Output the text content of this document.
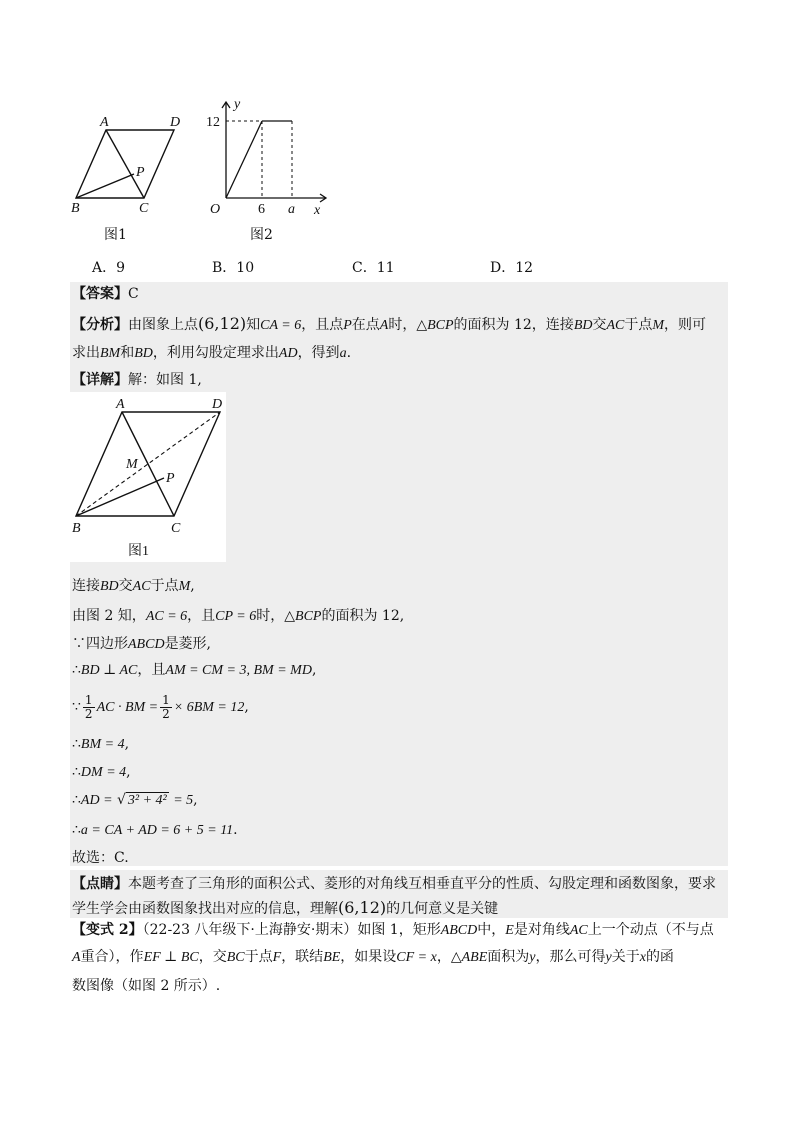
A	D
B	C
P
图1
y
12
O	6 a x
图2
A．9	B．10	C．11	D．12
【答案】C
【分析】由图象上点(6,12)知CA = 6，且点P在点A时，△BCP的面积为 12，连接BD交AC于点M，则可
求出BM和BD，利用勾股定理求出AD，得到a.
【详解】解：如图 1,
A	D
B	C
P
M
图1
连接BD交AC于点M,
由图 2 知，AC = 6，且CP = 6时，△BCP的面积为 12,
∵四边形ABCD是菱形,
∴BD ⊥ AC，且AM = CM = 3, BM = MD,
∵ $\frac{1}{2}$ AC · BM = $\frac{1}{2} \times 6BM = 12$,
∴BM = 4,
∴DM = 4,
∴AD = √ 3² + 4² = 5,
∴a = CA + AD = 6 + 5 = 11.
故选：C.
【点睛】本题考查了三角形的面积公式、菱形的对角线互相垂直平分的性质、勾股定理和函数图象，要求
学生学会由函数图象找出对应的信息，理解(6,12)的几何意义是关键
【变式 2】（22-23 八年级下·上海静安·期末）如图 1，矩形ABCD中，E是对角线AC上一个动点（不与点
A重合），作EF ⊥ BC，交BC于点F，联结BE，如果设CF = x，△ABE面积为y，那么可得y关于x的函
数图像（如图 2 所示）.
